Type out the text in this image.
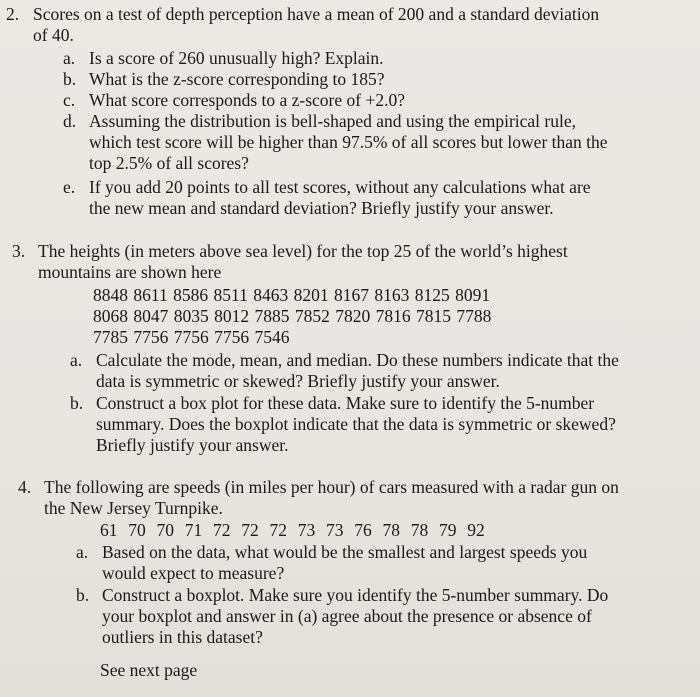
2. Scores on a test of depth perception have a mean of 200 and a standard deviation
of 40.
a. Is a score of 260 unusually high? Explain.
b. What is the z-score corresponding to 185?
c. What score corresponds to a z-score of +2.0?
d. Assuming the distribution is bell-shaped and using the empirical rule,
which test score will be higher than 97.5% of all scores but lower than the
top 2.5% of all scores?
e. If you add 20 points to all test scores, without any calculations what are
the new mean and standard deviation? Briefly justify your answer.
3. The heights (in meters above sea level) for the top 25 of the world’s highest
mountains are shown here
8848 8611 8586 8511 8463 8201 8167 8163 8125 8091
8068 8047 8035 8012 7885 7852 7820 7816 7815 7788
7785 7756 7756 7756 7546
a. Calculate the mode, mean, and median. Do these numbers indicate that the
data is symmetric or skewed? Briefly justify your answer.
b. Construct a box plot for these data. Make sure to identify the 5-number
summary. Does the boxplot indicate that the data is symmetric or skewed?
Briefly justify your answer.
4. The following are speeds (in miles per hour) of cars measured with a radar gun on
the New Jersey Turnpike.
61  70  70  71  72  72  72  73  73  76  78  78  79  92
a. Based on the data, what would be the smallest and largest speeds you
would expect to measure?
b. Construct a boxplot. Make sure you identify the 5-number summary. Do
your boxplot and answer in (a) agree about the presence or absence of
outliers in this dataset?
See next page
